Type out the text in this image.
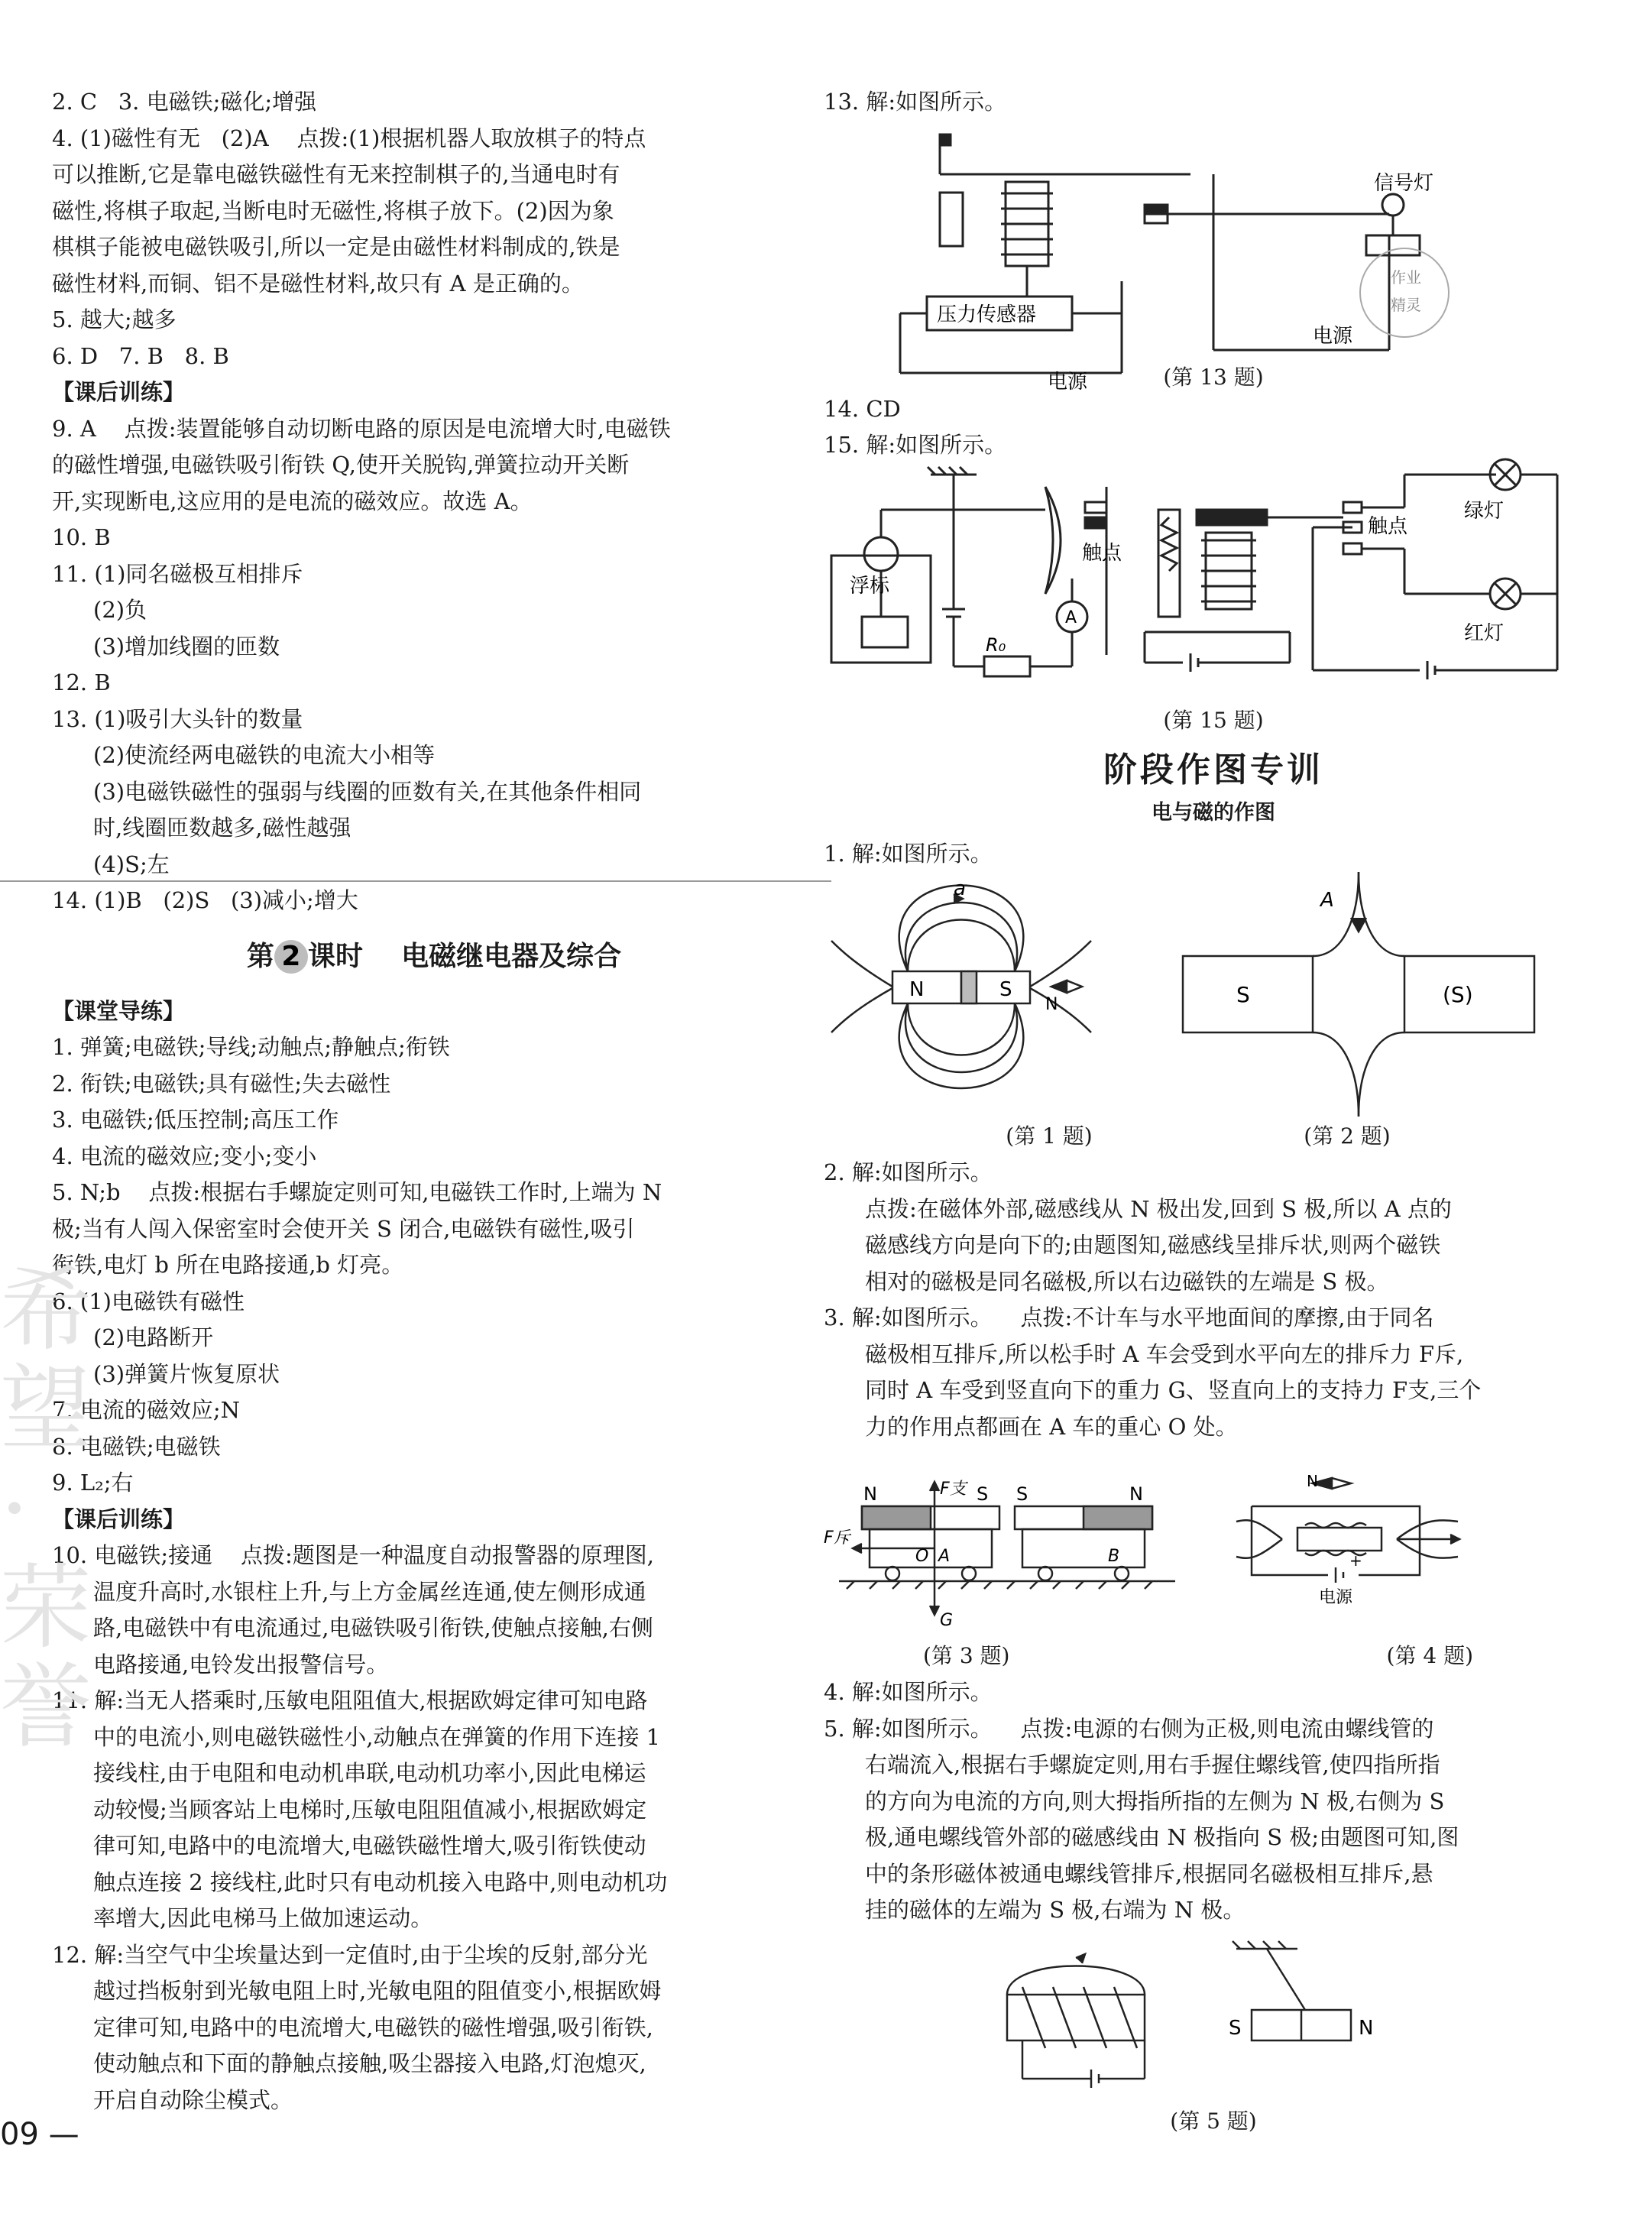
2. C   3. 电磁铁;磁化;增强

4. (1)磁性有无   (2)A    点拨:(1)根据机器人取放棋子的特点

可以推断,它是靠电磁铁磁性有无来控制棋子的,当通电时有

磁性,将棋子取起,当断电时无磁性,将棋子放下。(2)因为象

棋棋子能被电磁铁吸引,所以一定是由磁性材料制成的,铁是

磁性材料,而铜、铝不是磁性材料,故只有 A 是正确的。

5. 越大;越多

6. D   7. B   8. B

【课后训练】

9. A    点拨:装置能够自动切断电路的原因是电流增大时,电磁铁

的磁性增强,电磁铁吸引衔铁 Q,使开关脱钩,弹簧拉动开关断

开,实现断电,这应用的是电流的磁效应。故选 A。

10. B

11. (1)同名磁极互相排斥

(2)负

(3)增加线圈的匝数

12. B

13. (1)吸引大头针的数量

(2)使流经两电磁铁的电流大小相等

(3)电磁铁磁性的强弱与线圈的匝数有关,在其他条件相同

时,线圈匝数越多,磁性越强

(4)S;左

14. (1)B   (2)S   (3)减小;增大

第 2 课时    电磁继电器及综合

【课堂导练】

1. 弹簧;电磁铁;导线;动触点;静触点;衔铁

2. 衔铁;电磁铁;具有磁性;失去磁性

3. 电磁铁;低压控制;高压工作

4. 电流的磁效应;变小;变小

5. N;b    点拨:根据右手螺旋定则可知,电磁铁工作时,上端为 N

极;当有人闯入保密室时会使开关 S 闭合,电磁铁有磁性,吸引

衔铁,电灯 b 所在电路接通,b 灯亮。

6. (1)电磁铁有磁性

(2)电路断开

(3)弹簧片恢复原状

7. 电流的磁效应;N

8. 电磁铁;电磁铁

9. L₂;右

【课后训练】

10. 电磁铁;接通    点拨:题图是一种温度自动报警器的原理图,

温度升高时,水银柱上升,与上方金属丝连通,使左侧形成通

路,电磁铁中有电流通过,电磁铁吸引衔铁,使触点接触,右侧

电路接通,电铃发出报警信号。

11. 解:当无人搭乘时,压敏电阻阻值大,根据欧姆定律可知电路

中的电流小,则电磁铁磁性小,动触点在弹簧的作用下连接 1

接线柱,由于电阻和电动机串联,电动机功率小,因此电梯运

动较慢;当顾客站上电梯时,压敏电阻阻值减小,根据欧姆定

律可知,电路中的电流增大,电磁铁磁性增大,吸引衔铁使动

触点连接 2 接线柱,此时只有电动机接入电路中,则电动机功

率增大,因此电梯马上做加速运动。

12. 解:当空气中尘埃量达到一定值时,由于尘埃的反射,部分光

越过挡板射到光敏电阻上时,光敏电阻的阻值变小,根据欧姆

定律可知,电路中的电流增大,电磁铁的磁性增强,吸引衔铁,

使动触点和下面的静触点接触,吸尘器接入电路,灯泡熄灭,

开启自动除尘模式。

希望·荣誉
09 —

13. 解:如图所示。

压力传感器
电源
电源
信号灯
作业
精灵
(第 13 题)

14. CD

15. 解:如图所示。

浮标
触点
触点
绿灯
红灯
R₀
A
(第 15 题)
阶段作图专训
电与磁的作图

1. 解:如图所示。

a
N	S
N
A
S	(S)
(第 1 题)	(第 2 题)

2. 解:如图所示。

点拨:在磁体外部,磁感线从 N 极出发,回到 S 极,所以 A 点的

磁感线方向是向下的;由题图知,磁感线呈排斥状,则两个磁铁

相对的磁极是同名磁极,所以右边磁铁的左端是 S 极。

3. 解:如图所示。    点拨:不计车与水平地面间的摩擦,由于同名

磁极相互排斥,所以松手时 A 车会受到水平向左的排斥力 F斥,

同时 A 车受到竖直向下的重力 G、竖直向上的支持力 F支,三个

力的作用点都画在 A 车的重心 O 处。

N	S S	N
F支
F斥
O A	B
G
N
+
电源
(第 3 题)	(第 4 题)

4. 解:如图所示。

5. 解:如图所示。    点拨:电源的右侧为正极,则电流由螺线管的

右端流入,根据右手螺旋定则,用右手握住螺线管,使四指所指

的方向为电流的方向,则大拇指所指的左侧为 N 极,右侧为 S

极,通电螺线管外部的磁感线由 N 极指向 S 极;由题图可知,图

中的条形磁体被通电螺线管排斥,根据同名磁极相互排斥,悬

挂的磁体的左端为 S 极,右端为 N 极。

S	N
(第 5 题)
